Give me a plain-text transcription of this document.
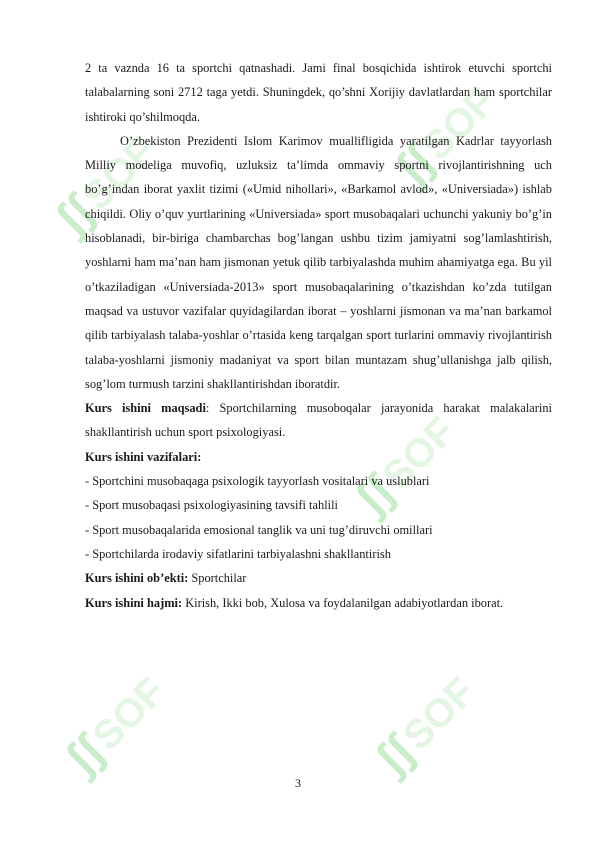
ʃʃSOF	ʃʃSOF
ʃʃSOF
ʃʃSOF	ʃʃSOF

2 ta vaznda 16 ta sportchi qatnashadi. Jami final bosqichida ishtirok etuvchi sportchi talabalarning soni 2712 taga yetdi. Shuningdek, qo’shni Xorijiy davlatlardan ham sportchilar ishtiroki qo’shilmoqda.

O’zbekiston Prezidenti Islom Karimov muallifligida yaratilgan Kadrlar tayyorlash Milliy modeliga muvofiq, uzluksiz ta’limda ommaviy sportni rivojlantirishning uch bo’g’indan iborat yaxlit tizimi («Umid nihollari», «Barkamol avlod», «Universiada») ishlab chiqildi. Oliy o’quv yurtlarining «Universiada» sport musobaqalari uchunchi yakuniy bo’g’in hisoblanadi, bir-biriga chambarchas bog’langan ushbu tizim jamiyatni sog’lamlashtirish, yoshlarni ham ma’nan ham jismonan yetuk qilib tarbiyalashda muhim ahamiyatga ega. Bu yil o’tkaziladigan «Universiada-2013» sport musobaqalarining o’tkazishdan ko’zda tutilgan maqsad va ustuvor vazifalar quyidagilardan iborat – yoshlarni jismonan va ma’nan barkamol qilib tarbiyalash talaba-yoshlar o’rtasida keng tarqalgan sport turlarini ommaviy rivojlantirish talaba-yoshlarni jismoniy madaniyat va sport bilan muntazam shug’ullanishga jalb qilish, sog’lom turmush tarzini shakllantirishdan iboratdir.

Kurs ishini maqsadi: Sportchilarning musoboqalar jarayonida harakat malakalarini shakllantirish uchun sport psixologiyasi.

Kurs ishini vazifalari:

- Sportchini musobaqaga psixologik tayyorlash vositalari va uslublari

- Sport musobaqasi psixologiyasining tavsifi tahlili

- Sport musobaqalarida emosional tanglik va uni tug’diruvchi omillari

- Sportchilarda irodaviy sifatlarini tarbiyalashni shakllantirish

Kurs ishini ob’ekti: Sportchilar

Kurs ishini hajmi: Kirish, Ikki bob, Xulosa va foydalanilgan adabiyotlardan iborat.

3
